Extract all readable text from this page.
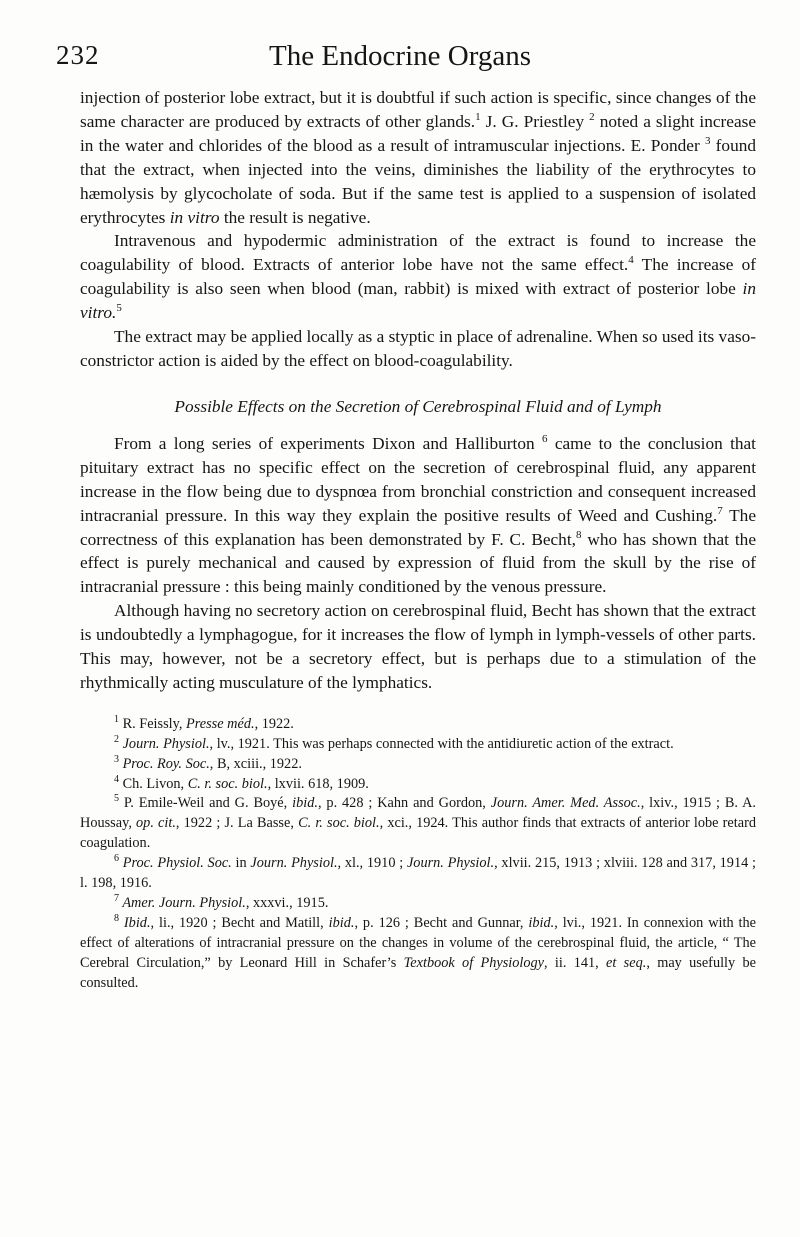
232	The Endocrine Organs

injection of posterior lobe extract, but it is doubtful if such action is specific, since changes of the same character are produced by extracts of other glands.$^1$ J. G. Priestley $^2$ noted a slight increase in the water and chlorides of the blood as a result of intramuscular injections. E. Ponder $^3$ found that the extract, when injected into the veins, diminishes the liability of the erythrocytes to hæmolysis by glycocholate of soda. But if the same test is applied to a suspension of isolated erythrocytes in vitro the result is negative.

Intravenous and hypodermic administration of the extract is found to increase the coagulability of blood. Extracts of anterior lobe have not the same effect.$^4$ The increase of coagulability is also seen when blood (man, rabbit) is mixed with extract of posterior lobe in vitro.$^5$

The extract may be applied locally as a styptic in place of adrenaline. When so used its vaso-constrictor action is aided by the effect on blood-coagulability.

Possible Effects on the Secretion of Cerebrospinal Fluid and of Lymph

From a long series of experiments Dixon and Halliburton $^6$ came to the conclusion that pituitary extract has no specific effect on the secretion of cerebrospinal fluid, any apparent increase in the flow being due to dyspnœa from bronchial constriction and consequent increased intracranial pressure. In this way they explain the positive results of Weed and Cushing.$^7$ The correctness of this explanation has been demonstrated by F. C. Becht,$^8$ who has shown that the effect is purely mechanical and caused by expression of fluid from the skull by the rise of intracranial pressure : this being mainly conditioned by the venous pressure.

Although having no secretory action on cerebrospinal fluid, Becht has shown that the extract is undoubtedly a lymphagogue, for it increases the flow of lymph in lymph-vessels of other parts. This may, however, not be a secretory effect, but is perhaps due to a stimulation of the rhythmically acting musculature of the lymphatics.

$^1$ R. Feissly, Presse méd., 1922.

$^2$ Journ. Physiol., lv., 1921. This was perhaps connected with the antidiuretic action of the extract.

$^3$ Proc. Roy. Soc., B, xciii., 1922.

$^4$ Ch. Livon, C. r. soc. biol., lxvii. 618, 1909.

$^5$ P. Emile-Weil and G. Boyé, ibid., p. 428 ; Kahn and Gordon, Journ. Amer. Med. Assoc., lxiv., 1915 ; B. A. Houssay, op. cit., 1922 ; J. La Basse, C. r. soc. biol., xci., 1924. This author finds that extracts of anterior lobe retard coagulation.

$^6$ Proc. Physiol. Soc. in Journ. Physiol., xl., 1910 ; Journ. Physiol., xlvii. 215, 1913 ; xlviii. 128 and 317, 1914 ; l. 198, 1916.

$^7$ Amer. Journ. Physiol., xxxvi., 1915.

$^8$ Ibid., li., 1920 ; Becht and Matill, ibid., p. 126 ; Becht and Gunnar, ibid., lvi., 1921. In connexion with the effect of alterations of intracranial pressure on the changes in volume of the cerebrospinal fluid, the article, “ The Cerebral Circulation,” by Leonard Hill in Schafer’s Textbook of Physiology, ii. 141, et seq., may usefully be consulted.
